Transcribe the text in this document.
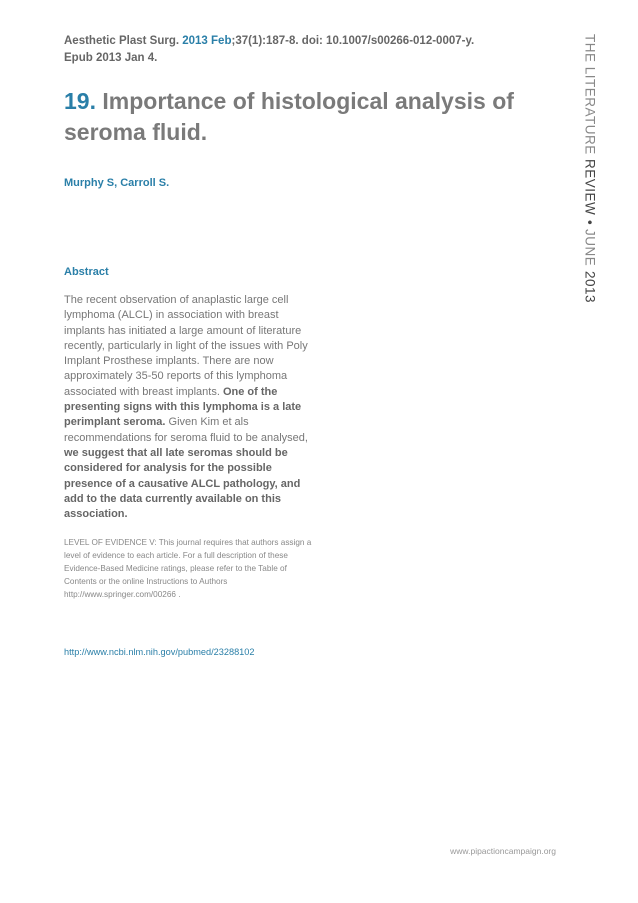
Aesthetic Plast Surg. 2013 Feb;37(1):187-8. doi: 10.1007/s00266-012-0007-y.
Epub 2013 Jan 4.
19. Importance of histological analysis of seroma fluid.
Murphy S, Carroll S.
Abstract
The recent observation of anaplastic large cell lymphoma (ALCL) in association with breast implants has initiated a large amount of literature recently, particularly in light of the issues with Poly Implant Prosthese implants. There are now approximately 35-50 reports of this lymphoma associated with breast implants. One of the presenting signs with this lymphoma is a late perimplant seroma. Given Kim et als recommendations for seroma fluid to be analysed, we suggest that all late seromas should be considered for analysis for the possible presence of a causative ALCL pathology, and add to the data currently available on this association.
LEVEL OF EVIDENCE V: This journal requires that authors assign a level of evidence to each article. For a full description of these Evidence-Based Medicine ratings, please refer to the Table of Contents or the online Instructions to Authors http://www.springer.com/00266 .
http://www.ncbi.nlm.nih.gov/pubmed/23288102
www.pipactioncampaign.org
THE LITERATURE

REVIEW

•

JUNE

2013
